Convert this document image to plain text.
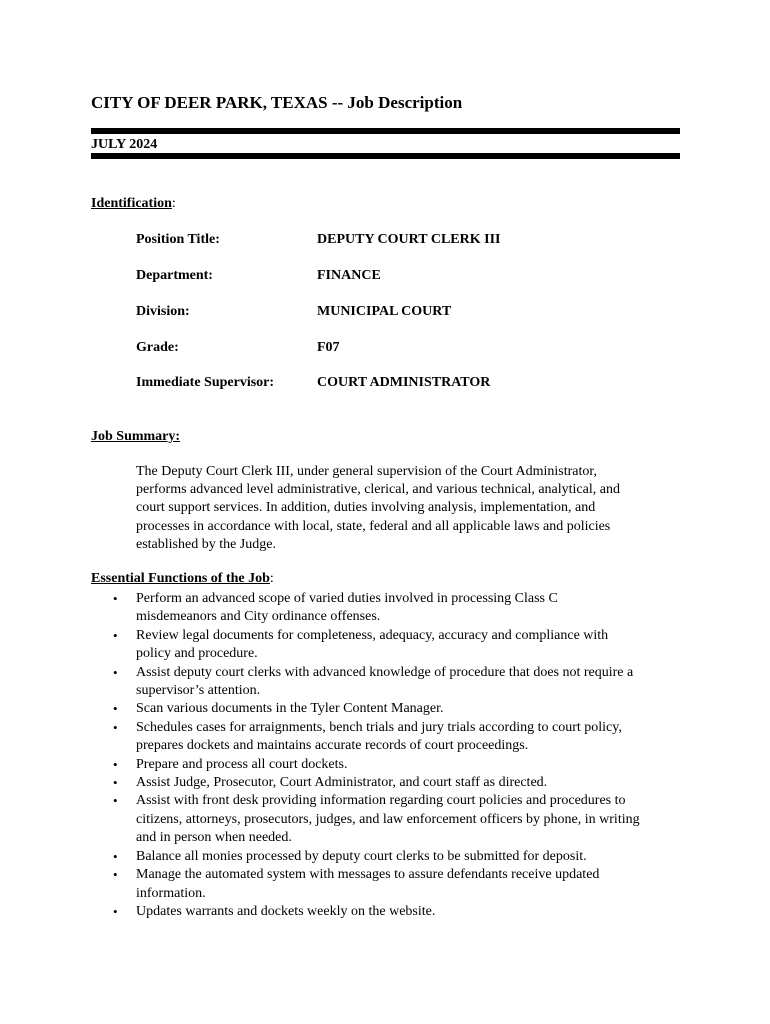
CITY OF DEER PARK, TEXAS -- Job Description
JULY 2024
Identification:
Position Title:	DEPUTY COURT CLERK III
Department:	FINANCE
Division:	MUNICIPAL COURT
Grade:	F07
Immediate Supervisor:	COURT ADMINISTRATOR
Job Summary:
The Deputy Court Clerk III, under general supervision of the Court Administrator,
performs advanced level administrative, clerical, and various technical, analytical, and
court support services. In addition, duties involving analysis, implementation, and
processes in accordance with local, state, federal and all applicable laws and policies
established by the Judge.
Essential Functions of the Job:
• Perform an advanced scope of varied duties involved in processing Class C
misdemeanors and City ordinance offenses.
• Review legal documents for completeness, adequacy, accuracy and compliance with
policy and procedure.
• Assist deputy court clerks with advanced knowledge of procedure that does not require a
supervisor’s attention.
• Scan various documents in the Tyler Content Manager.
• Schedules cases for arraignments, bench trials and jury trials according to court policy,
prepares dockets and maintains accurate records of court proceedings.
• Prepare and process all court dockets.
• Assist Judge, Prosecutor, Court Administrator, and court staff as directed.
• Assist with front desk providing information regarding court policies and procedures to
citizens, attorneys, prosecutors, judges, and law enforcement officers by phone, in writing
and in person when needed.
• Balance all monies processed by deputy court clerks to be submitted for deposit.
• Manage the automated system with messages to assure defendants receive updated
information.
• Updates warrants and dockets weekly on the website.
